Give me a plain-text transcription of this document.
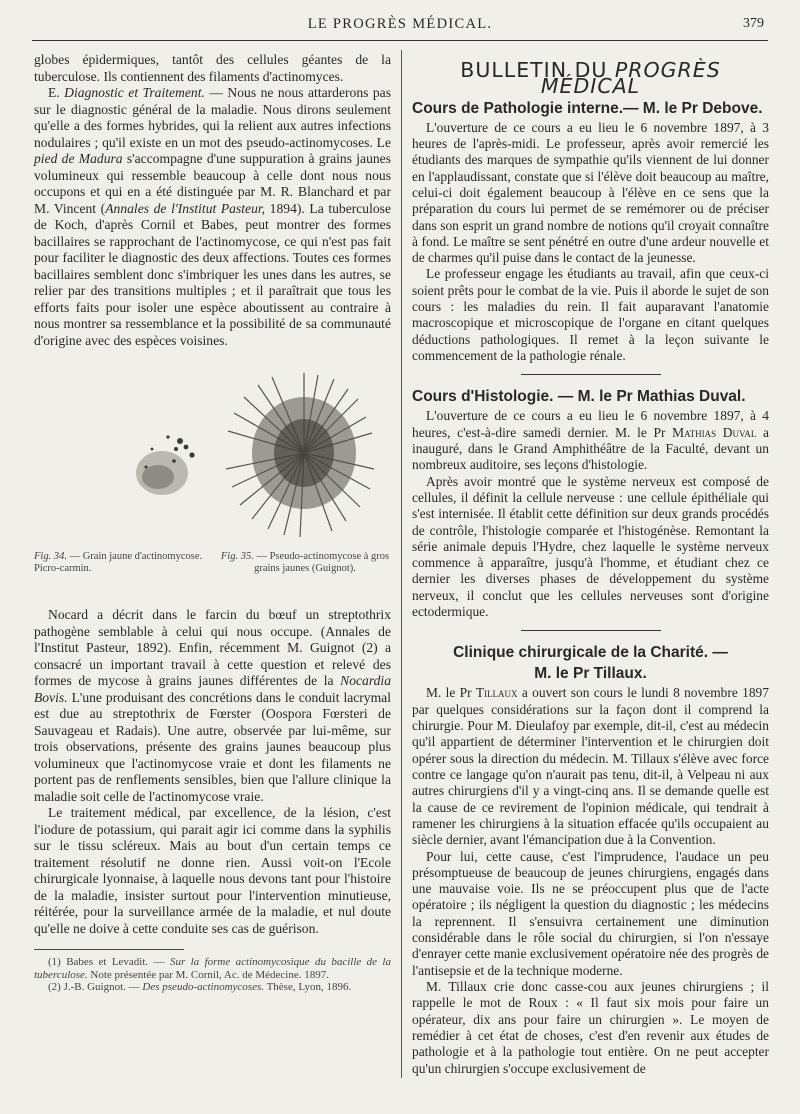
LE PROGRÈS MÉDICAL.	379

globes épidermiques, tantôt des cellules géantes de la tuberculose. Ils contiennent des filaments d'actinomyces.

E. Diagnostic et Traitement. — Nous ne nous attarderons pas sur le diagnostic général de la maladie. Nous dirons seulement qu'elle a des formes hybrides, qui la relient aux autres infections nodulaires ; qu'il existe en un mot des pseudo-actinomycoses. Le pied de Madura s'accompagne d'une suppuration à grains jaunes volumineux qui ressemble beaucoup à celle dont nous nous occupons et qui en a été distinguée par M. R. Blanchard et par M. Vincent (Annales de l'Institut Pasteur, 1894). La tuberculose de Koch, d'après Cornil et Babes, peut montrer des formes bacillaires se rapprochant de l'actinomycose, ce qui n'est pas fait pour faciliter le diagnostic des deux affections. Toutes ces formes bacillaires semblent donc s'imbriquer les unes dans les autres, se relier par des transitions multiples ; et il paraîtrait que tous les efforts faits pour isoler une espèce aboutissent au contraire à nous montrer sa ressemblance et la possibilité de sa communauté d'origine avec des espèces voisines.

Fig. 34. — Grain jaune d'actinomycose. Picro-carmin.
Fig. 35. — Pseudo-actinomycose à gros grains jaunes (Guignot).

Nocard a décrit dans le farcin du bœuf un streptothrix pathogène semblable à celui qui nous occupe. (Annales de l'Institut Pasteur, 1892). Enfin, récemment M. Guignot (2) a consacré un important travail à cette question et relevé des formes de mycose à grains jaunes différentes de la Nocardia Bovis. L'une produisant des concrétions dans le conduit lacrymal est due au streptothrix de Fœrster (Oospora Fœrsteri de Sauvageau et Radais). Une autre, observée par lui-même, sur trois observations, présente des grains jaunes beaucoup plus volumineux que l'actinomycose vraie et dont les filaments ne portent pas de renflements sensibles, bien que l'allure clinique la maladie soit celle de l'actinomycose vraie.

Le traitement médical, par excellence, de la lésion, c'est l'iodure de potassium, qui parait agir ici comme dans la syphilis sur le tissu scléreux. Mais au bout d'un certain temps ce traitement résolutif ne donne rien. Aussi voit-on l'Ecole chirurgicale lyonnaise, à laquelle nous devons tant pour l'histoire de la maladie, insister surtout pour l'intervention minutieuse, réitérée, pour la surveillance armée de la maladie, et nul doute qu'elle ne doive à cette conduite ses cas de guérison.

(1) Babes et Levadit. — Sur la forme actinomycosique du bacille de la tuberculose. Note présentée par M. Cornil, Ac. de Médecine. 1897.

(2) J.-B. Guignot. — Des pseudo-actinomycoses. Thèse, Lyon, 1896.

BULLETIN DU PROGRÈS MÉDICAL
Cours de Pathologie interne.— M. le Pr Debove.

L'ouverture de ce cours a eu lieu le 6 novembre 1897, à 3 heures de l'après-midi. Le professeur, après avoir remercié les étudiants des marques de sympathie qu'ils viennent de lui donner en l'applaudissant, constate que si l'élève doit beaucoup au maître, celui-ci doit également beaucoup à l'élève en ce sens que la préparation du cours lui permet de se remémorer ou de préciser dans son esprit un grand nombre de notions qu'il croyait connaître à fond. Le maître se sent pénétré en outre d'une ardeur nouvelle et de charmes qu'il puise dans le contact de la jeunesse.

Le professeur engage les étudiants au travail, afin que ceux-ci soient prêts pour le combat de la vie. Puis il aborde le sujet de son cours : les maladies du rein. Il fait auparavant l'anatomie macroscopique et microscopique de l'organe en citant quelques déductions pathologiques. Il remet à la leçon suivante le commencement de la pathologie rénale.

Cours d'Histologie. — M. le Pr Mathias Duval.

L'ouverture de ce cours a eu lieu le 6 novembre 1897, à 4 heures, c'est-à-dire samedi dernier. M. le Pr Mathias Duval a inauguré, dans le Grand Amphithéâtre de la Faculté, devant un nombreux auditoire, ses leçons d'histologie.

Après avoir montré que le système nerveux est composé de cellules, il définit la cellule nerveuse : une cellule épithéliale qui s'est internisée. Il établit cette définition sur deux grands procédés de contrôle, l'histologie comparée et l'histogénèse. Remontant la série animale depuis l'Hydre, chez laquelle le système nerveux commence à apparaître, jusqu'à l'homme, et étudiant chez ce dernier les diverses phases de développement du système nerveux, il conclut que les cellules nerveuses sont d'origine ectodermique.

Clinique chirurgicale de la Charité. —
M. le Pr Tillaux.

M. le Pr Tillaux a ouvert son cours le lundi 8 novembre 1897 par quelques considérations sur la façon dont il comprend la chirurgie. Pour M. Dieulafoy par exemple, dit-il, c'est au médecin qu'il appartient de déterminer l'intervention et le chirurgien doit opérer sous la direction du médecin. M. Tillaux s'élève avec force contre ce langage qu'on n'aurait pas tenu, dit-il, à Velpeau ni aux autres chirurgiens d'il y a vingt-cinq ans. Il se demande quelle est la cause de ce revirement de l'opinion médicale, qui tendrait à ramener les chirurgiens à la situation effacée qu'ils occupaient au siècle dernier, avant l'émancipation due à la Convention.

Pour lui, cette cause, c'est l'imprudence, l'audace un peu présomptueuse de beaucoup de jeunes chirurgiens, engagés dans une mauvaise voie. Ils ne se préoccupent plus que de l'acte opératoire ; ils négligent la question du diagnostic ; les médecins la reprennent. Il s'ensuivra certainement une diminution considérable dans le rôle social du chirurgien, si l'on n'essaye d'enrayer cette manie exclusivement opératoire née des progrès de l'antisepsie et de la technique moderne.

M. Tillaux crie donc casse-cou aux jeunes chirurgiens ; il rappelle le mot de Roux : « Il faut six mois pour faire un opérateur, dix ans pour faire un chirurgien ». Le moyen de remédier à cet état de choses, c'est d'en revenir aux études de pathologie et à la pathologie tout entière. On ne peut accepter qu'un chirurgien s'occupe exclusivement de
